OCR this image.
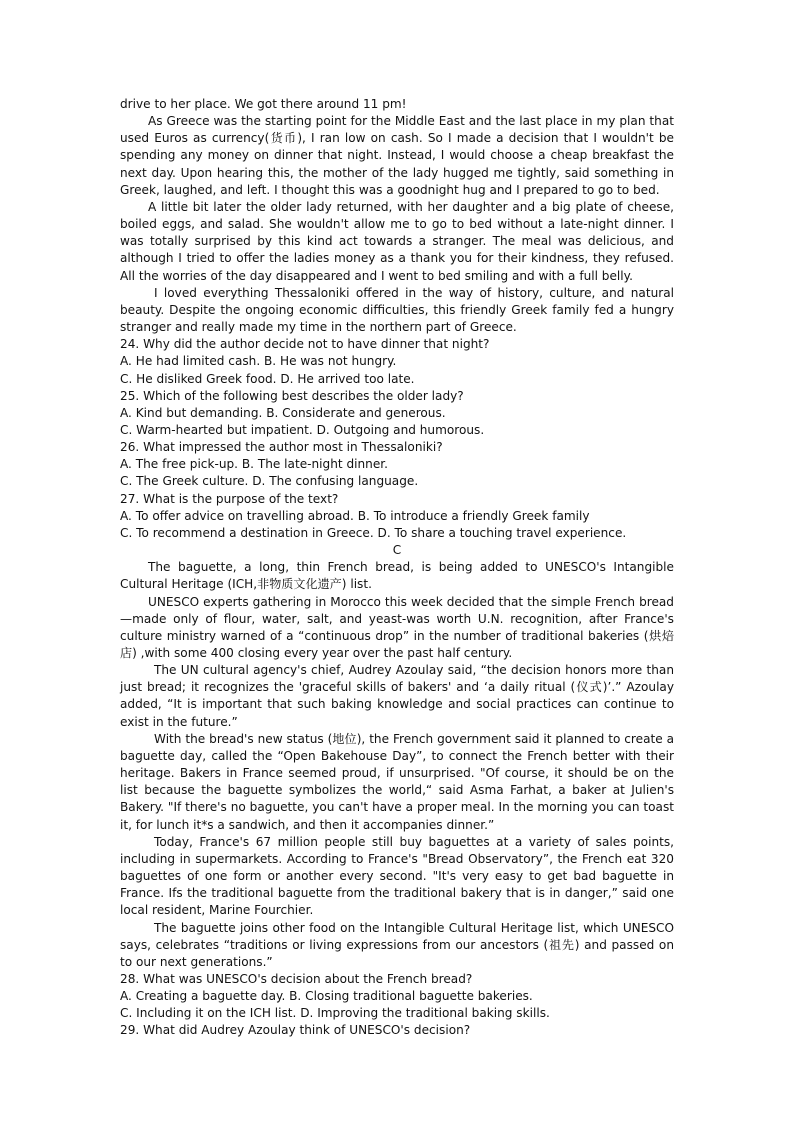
drive to her place. We got there around 11 pm!

As Greece was the starting point for the Middle East and the last place in my plan that used Euros as currency(货币), I ran low on cash. So I made a decision that I wouldn't be spending any money on dinner that night. Instead, I would choose a cheap breakfast the next day. Upon hearing this, the mother of the lady hugged me tightly, said something in Greek, laughed, and left. I thought this was a goodnight hug and I prepared to go to bed.

A little bit later the older lady returned, with her daughter and a big plate of cheese, boiled eggs, and salad. She wouldn't allow me to go to bed without a late-night dinner. I was totally surprised by this kind act towards a stranger. The meal was delicious, and although I tried to offer the ladies money as a thank you for their kindness, they refused. All the worries of the day disappeared and I went to bed smiling and with a full belly.

I loved everything Thessaloniki offered in the way of history, culture, and natural beauty. Despite the ongoing economic difficulties, this friendly Greek family fed a hungry stranger and really made my time in the northern part of Greece.

24. Why did the author decide not to have dinner that night?

A. He had limited cash. B. He was not hungry.

C. He disliked Greek food. D. He arrived too late.

25. Which of the following best describes the older lady?

A. Kind but demanding. B. Considerate and generous.

C. Warm-hearted but impatient. D. Outgoing and humorous.

26. What impressed the author most in Thessaloniki?

A. The free pick-up. B. The late-night dinner.

C. The Greek culture. D. The confusing language.

27. What is the purpose of the text?

A. To offer advice on travelling abroad. B. To introduce a friendly Greek family

C. To recommend a destination in Greece. D. To share a touching travel experience.

C

The baguette, a long, thin French bread, is being added to UNESCO's Intangible Cultural Heritage (ICH,非物质文化遗产) list.

UNESCO experts gathering in Morocco this week decided that the simple French bread—made only of flour, water, salt, and yeast-was worth U.N. recognition, after France's culture ministry warned of a “continuous drop” in the number of traditional bakeries (烘焙店) ,with some 400 closing every year over the past half century.

The UN cultural agency's chief, Audrey Azoulay said, “the decision honors more than just bread; it recognizes the 'graceful skills of bakers' and ‘a daily ritual (仪式)’.” Azoulay added, “It is important that such baking knowledge and social practices can continue to exist in the future.”

With the bread's new status (地位), the French government said it planned to create a baguette day, called the “Open Bakehouse Day”, to connect the French better with their heritage. Bakers in France seemed proud, if unsurprised. "Of course, it should be on the list because the baguette symbolizes the world,“ said Asma Farhat, a baker at Julien's Bakery. "If there's no baguette, you can't have a proper meal. In the morning you can toast it, for lunch it*s a sandwich, and then it accompanies dinner.”

Today, France's 67 million people still buy baguettes at a variety of sales points, including in supermarkets. According to France's "Bread Observatory”, the French eat 320 baguettes of one form or another every second. "It's very easy to get bad baguette in France. Ifs the traditional baguette from the traditional bakery that is in danger,” said one local resident, Marine Fourchier.

The baguette joins other food on the Intangible Cultural Heritage list, which UNESCO says, celebrates “traditions or living expressions from our ancestors (祖先) and passed on to our next generations.”

28. What was UNESCO's decision about the French bread?

A. Creating a baguette day. B. Closing traditional baguette bakeries.

C. Including it on the ICH list. D. Improving the traditional baking skills.

29. What did Audrey Azoulay think of UNESCO's decision?
